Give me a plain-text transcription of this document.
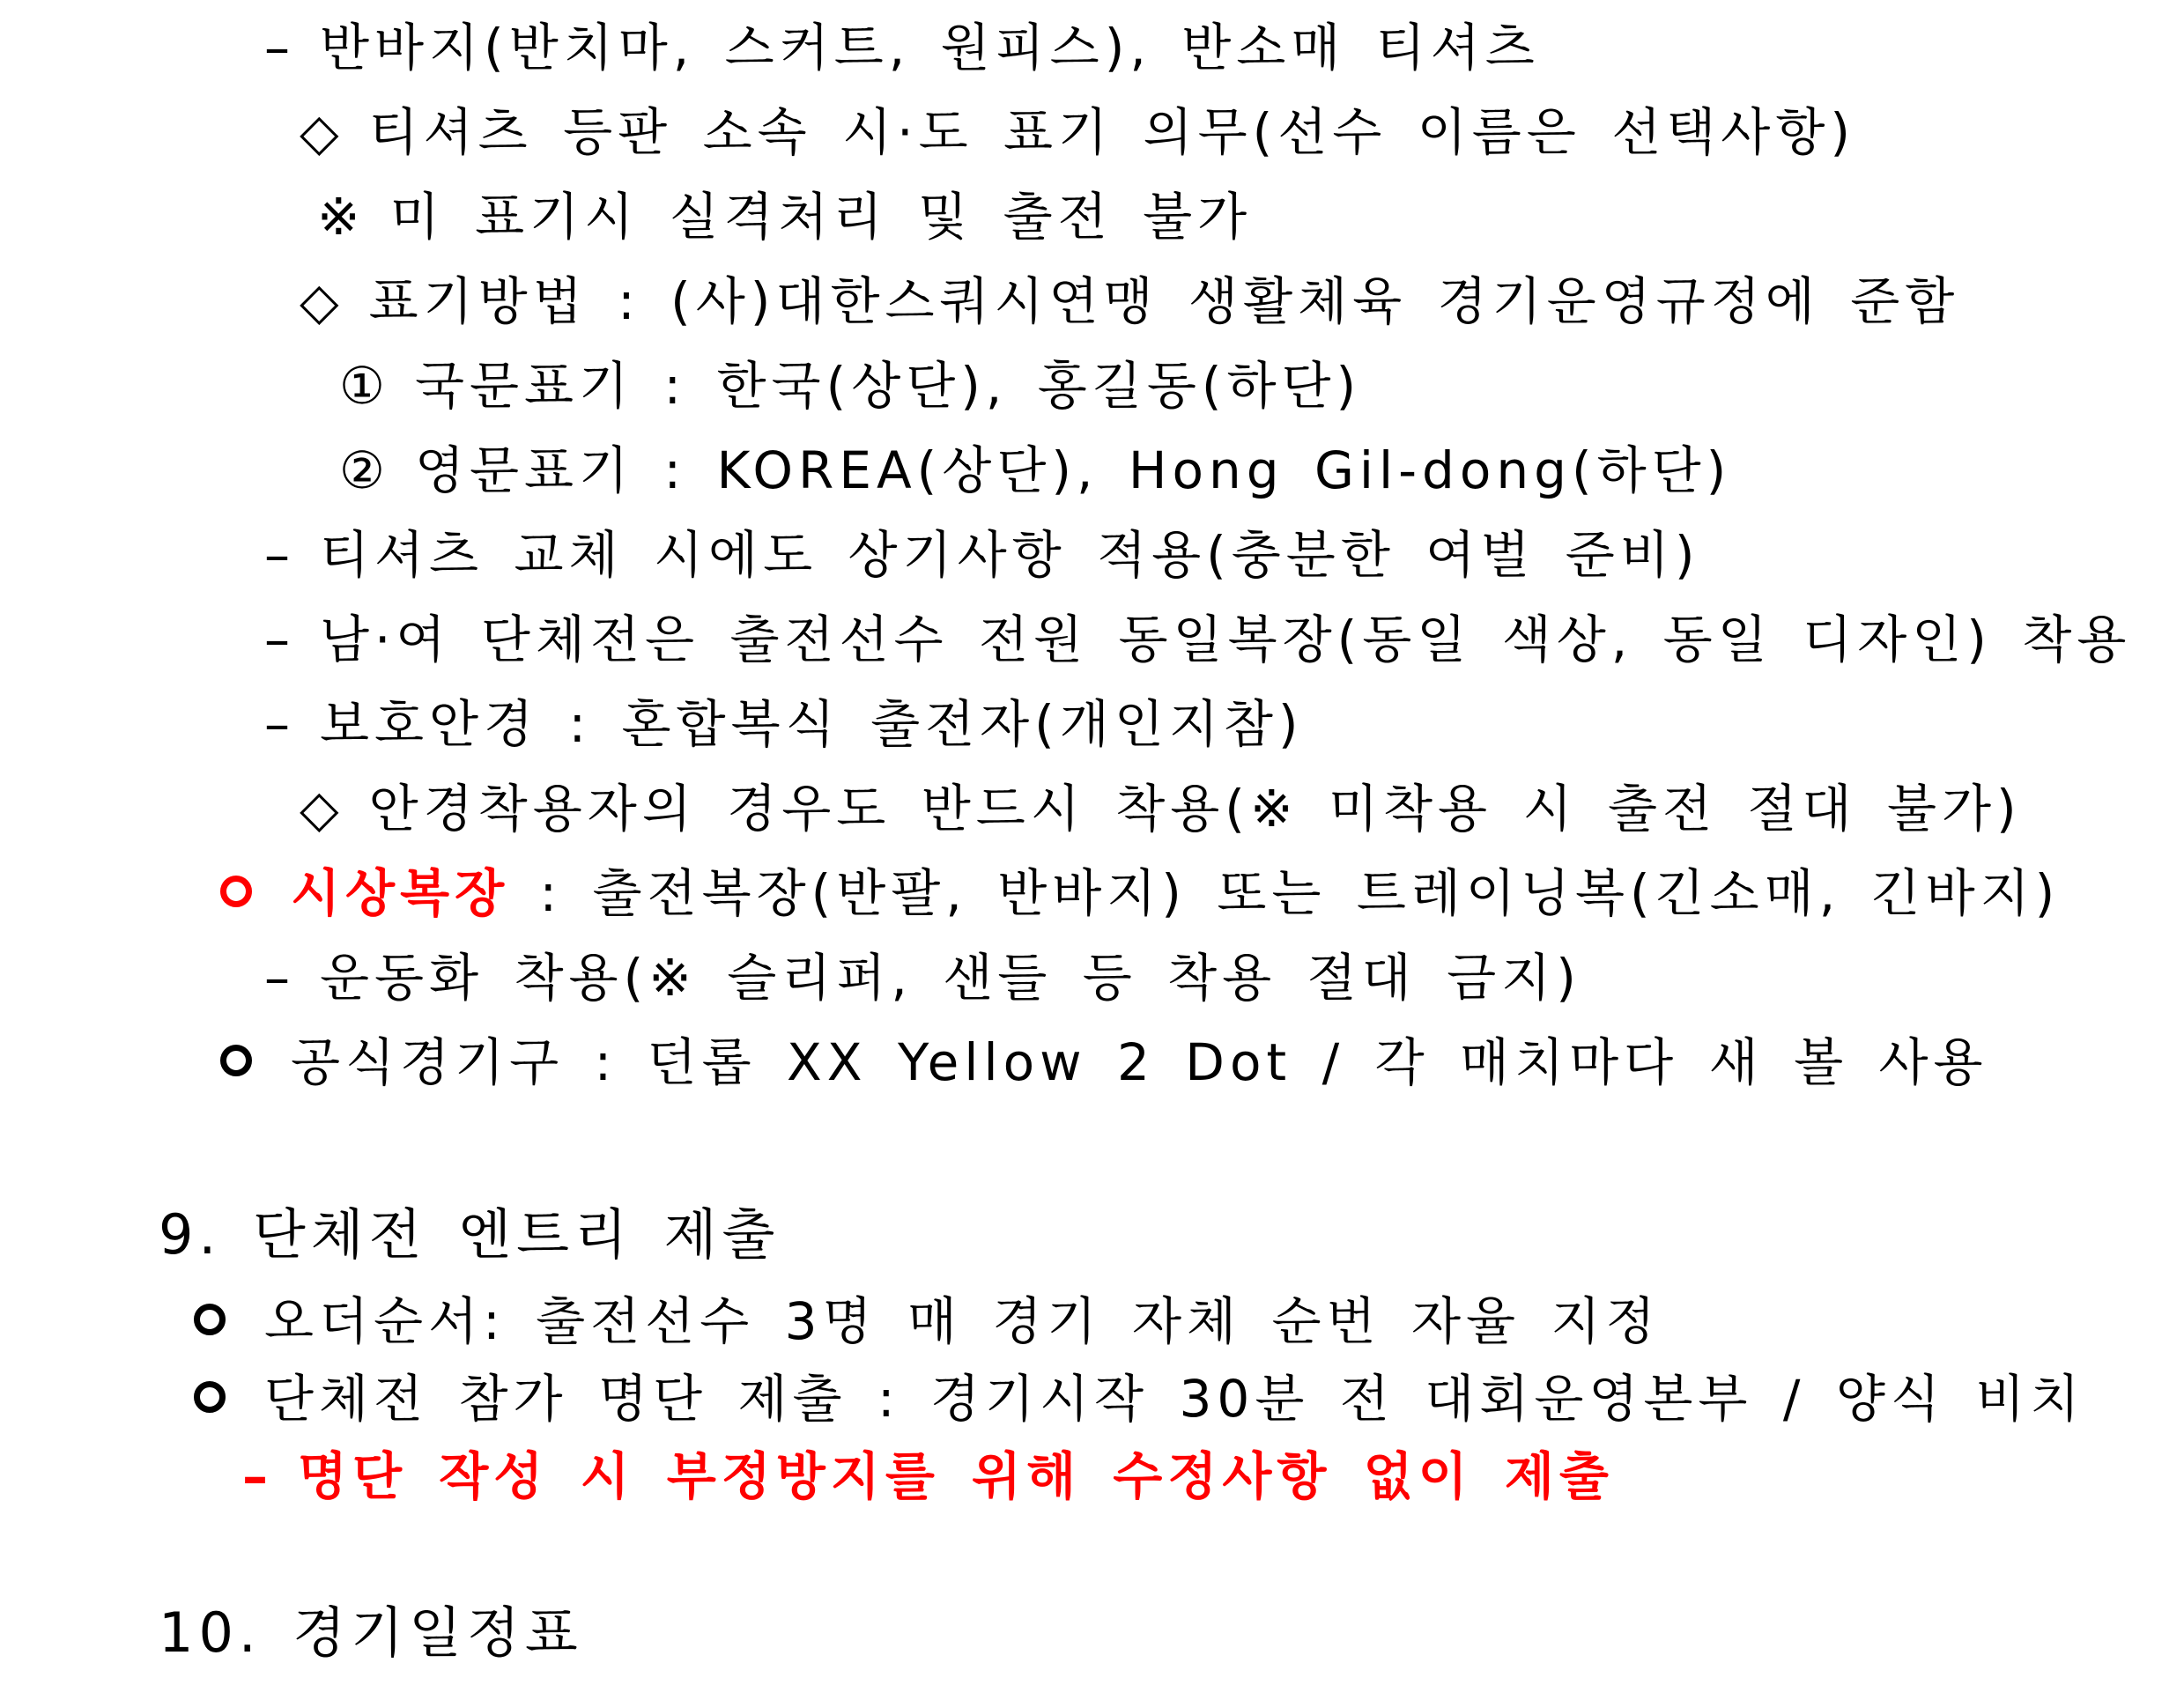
– 반바지(반치마, 스커트, 원피스), 반소매 티셔츠
◇ 티셔츠 등판 소속 시·도 표기 의무(선수 이름은 선택사항)
※ 미 표기시 실격처리 및 출전 불가
◇ 표기방법 : (사)대한스쿼시연맹 생활체육 경기운영규정에 준함
① 국문표기 : 한국(상단), 홍길동(하단)
② 영문표기 : KOREA(상단), Hong Gil-dong(하단)
– 티셔츠 교체 시에도 상기사항 적용(충분한 여벌 준비)
– 남·여 단체전은 출전선수 전원 동일복장(동일 색상, 동일 디자인) 착용
– 보호안경 : 혼합복식 출전자(개인지참)
◇ 안경착용자의 경우도 반드시 착용(※ 미착용 시 출전 절대 불가)
시상복장 : 출전복장(반팔, 반바지) 또는 트레이닝복(긴소매, 긴바지)
– 운동화 착용(※ 슬리퍼, 샌들 등 착용 절대 금지)
공식경기구 : 던롭 XX Yellow 2 Dot / 각 매치마다 새 볼 사용
9. 단체전 엔트리 제출
오더순서: 출전선수 3명 매 경기 자체 순번 자율 지정
단체전 참가 명단 제출 : 경기시작 30분 전 대회운영본부 / 양식 비치
– 명단 작성 시 부정방지를 위해 수정사항 없이 제출
10. 경기일정표
